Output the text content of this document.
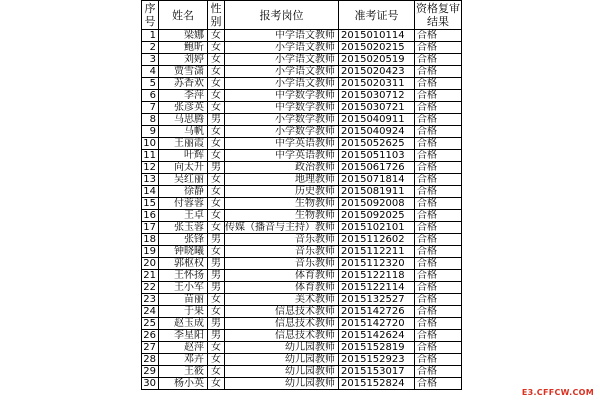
序号	姓名	性别	报考岗位	准考证号	资格复审结果
1	梁娜	女	中学语文教师	2015010114	合格
2	鲍昕	女	小学语文教师	2015020215	合格
3	刘婷	女	小学语文教师	2015020519	合格
4	贾雪潇	女	小学语文教师	2015020423	合格
5	苏香欢	女	小学语文教师	2015020311	合格
6	李萍	女	中学数学教师	2015030712	合格
7	张彦英	女	中学数学教师	2015030721	合格
8	马思腾	男	小学数学教师	2015040911	合格
9	马帆	女	小学数学教师	2015040924	合格
10	王丽霞	女	中学英语教师	2015052625	合格
11	叶辉	女	中学英语教师	2015051103	合格
12	向太升	男	政治教师	2015061726	合格
13	吴红丽	女	地理教师	2015071814	合格
14	徐静	女	历史教师	2015081911	合格
15	付蓉蓉	女	生物教师	2015092008	合格
16	王卓	女	生物教师	2015092025	合格
17	张玉蓉	女	传媒（播音与主持）教师	2015102101	合格
18	张锋	男	音乐教师	2015112602	合格
19	钟晓曦	女	音乐教师	2015112211	合格
20	郭枢权	男	音乐教师	2015112320	合格
21	王怀扬	男	体育教师	2015122118	合格
22	王小军	男	体育教师	2015122114	合格
23	苗丽	女	美术教师	2015132527	合格
24	于果	女	信息技术教师	2015142726	合格
25	赵玉成	男	信息技术教师	2015142720	合格
26	李星阳	男	信息技术教师	2015142624	合格
27	赵萍	女	幼儿园教师	2015152819	合格
28	邓卉	女	幼儿园教师	2015152923	合格
29	王筱	女	幼儿园教师	2015153017	合格
30	杨小英	女	幼儿园教师	2015152824	合格
E3.CFFCW.COM
